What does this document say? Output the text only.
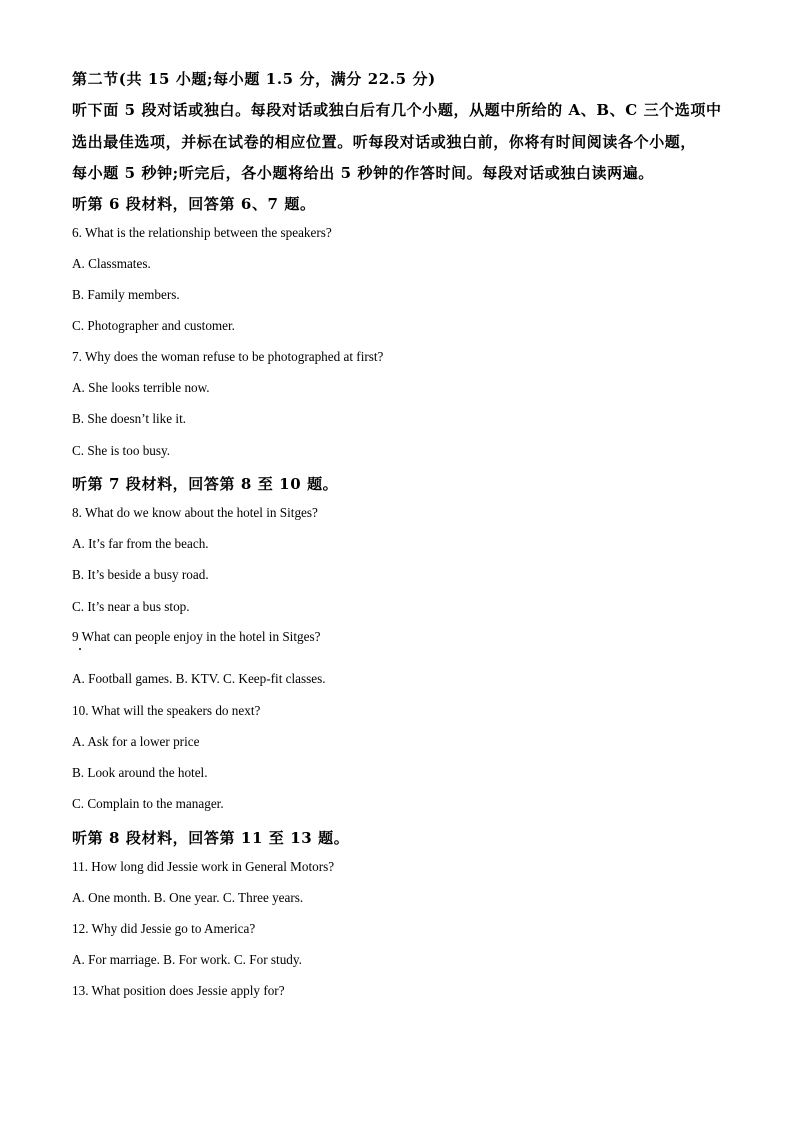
第二节(共 15 小题;每小题 1.5 分，满分 22.5 分)
听下面 5 段对话或独白。每段对话或独白后有几个小题，从题中所给的 A、B、C 三个选项中
选出最佳选项，并标在试卷的相应位置。听每段对话或独白前，你将有时间阅读各个小题，
每小题 5 秒钟;听完后，各小题将给出 5 秒钟的作答时间。每段对话或独白读两遍。
听第 6 段材料，回答第 6、7 题。
6. What is the relationship between the speakers?
A. Classmates.
B. Family members.
C. Photographer and customer.
7. Why does the woman refuse to be photographed at first?
A. She looks terrible now.
B. She doesn’t like it.
C. She is too busy.
听第 7 段材料，回答第 8 至 10 题。
8. What do we know about the hotel in Sitges?
A. It’s far from the beach.
B. It’s beside a busy road.
C. It’s near a bus stop.
9 What can people enjoy in the hotel in Sitges?
A. Football games. B. KTV. C. Keep-fit classes.
10. What will the speakers do next?
A. Ask for a lower price
B. Look around the hotel.
C. Complain to the manager.
听第 8 段材料，回答第 11 至 13 题。
11. How long did Jessie work in General Motors?
A. One month. B. One year. C. Three years.
12. Why did Jessie go to America?
A. For marriage. B. For work. C. For study.
13. What position does Jessie apply for?
